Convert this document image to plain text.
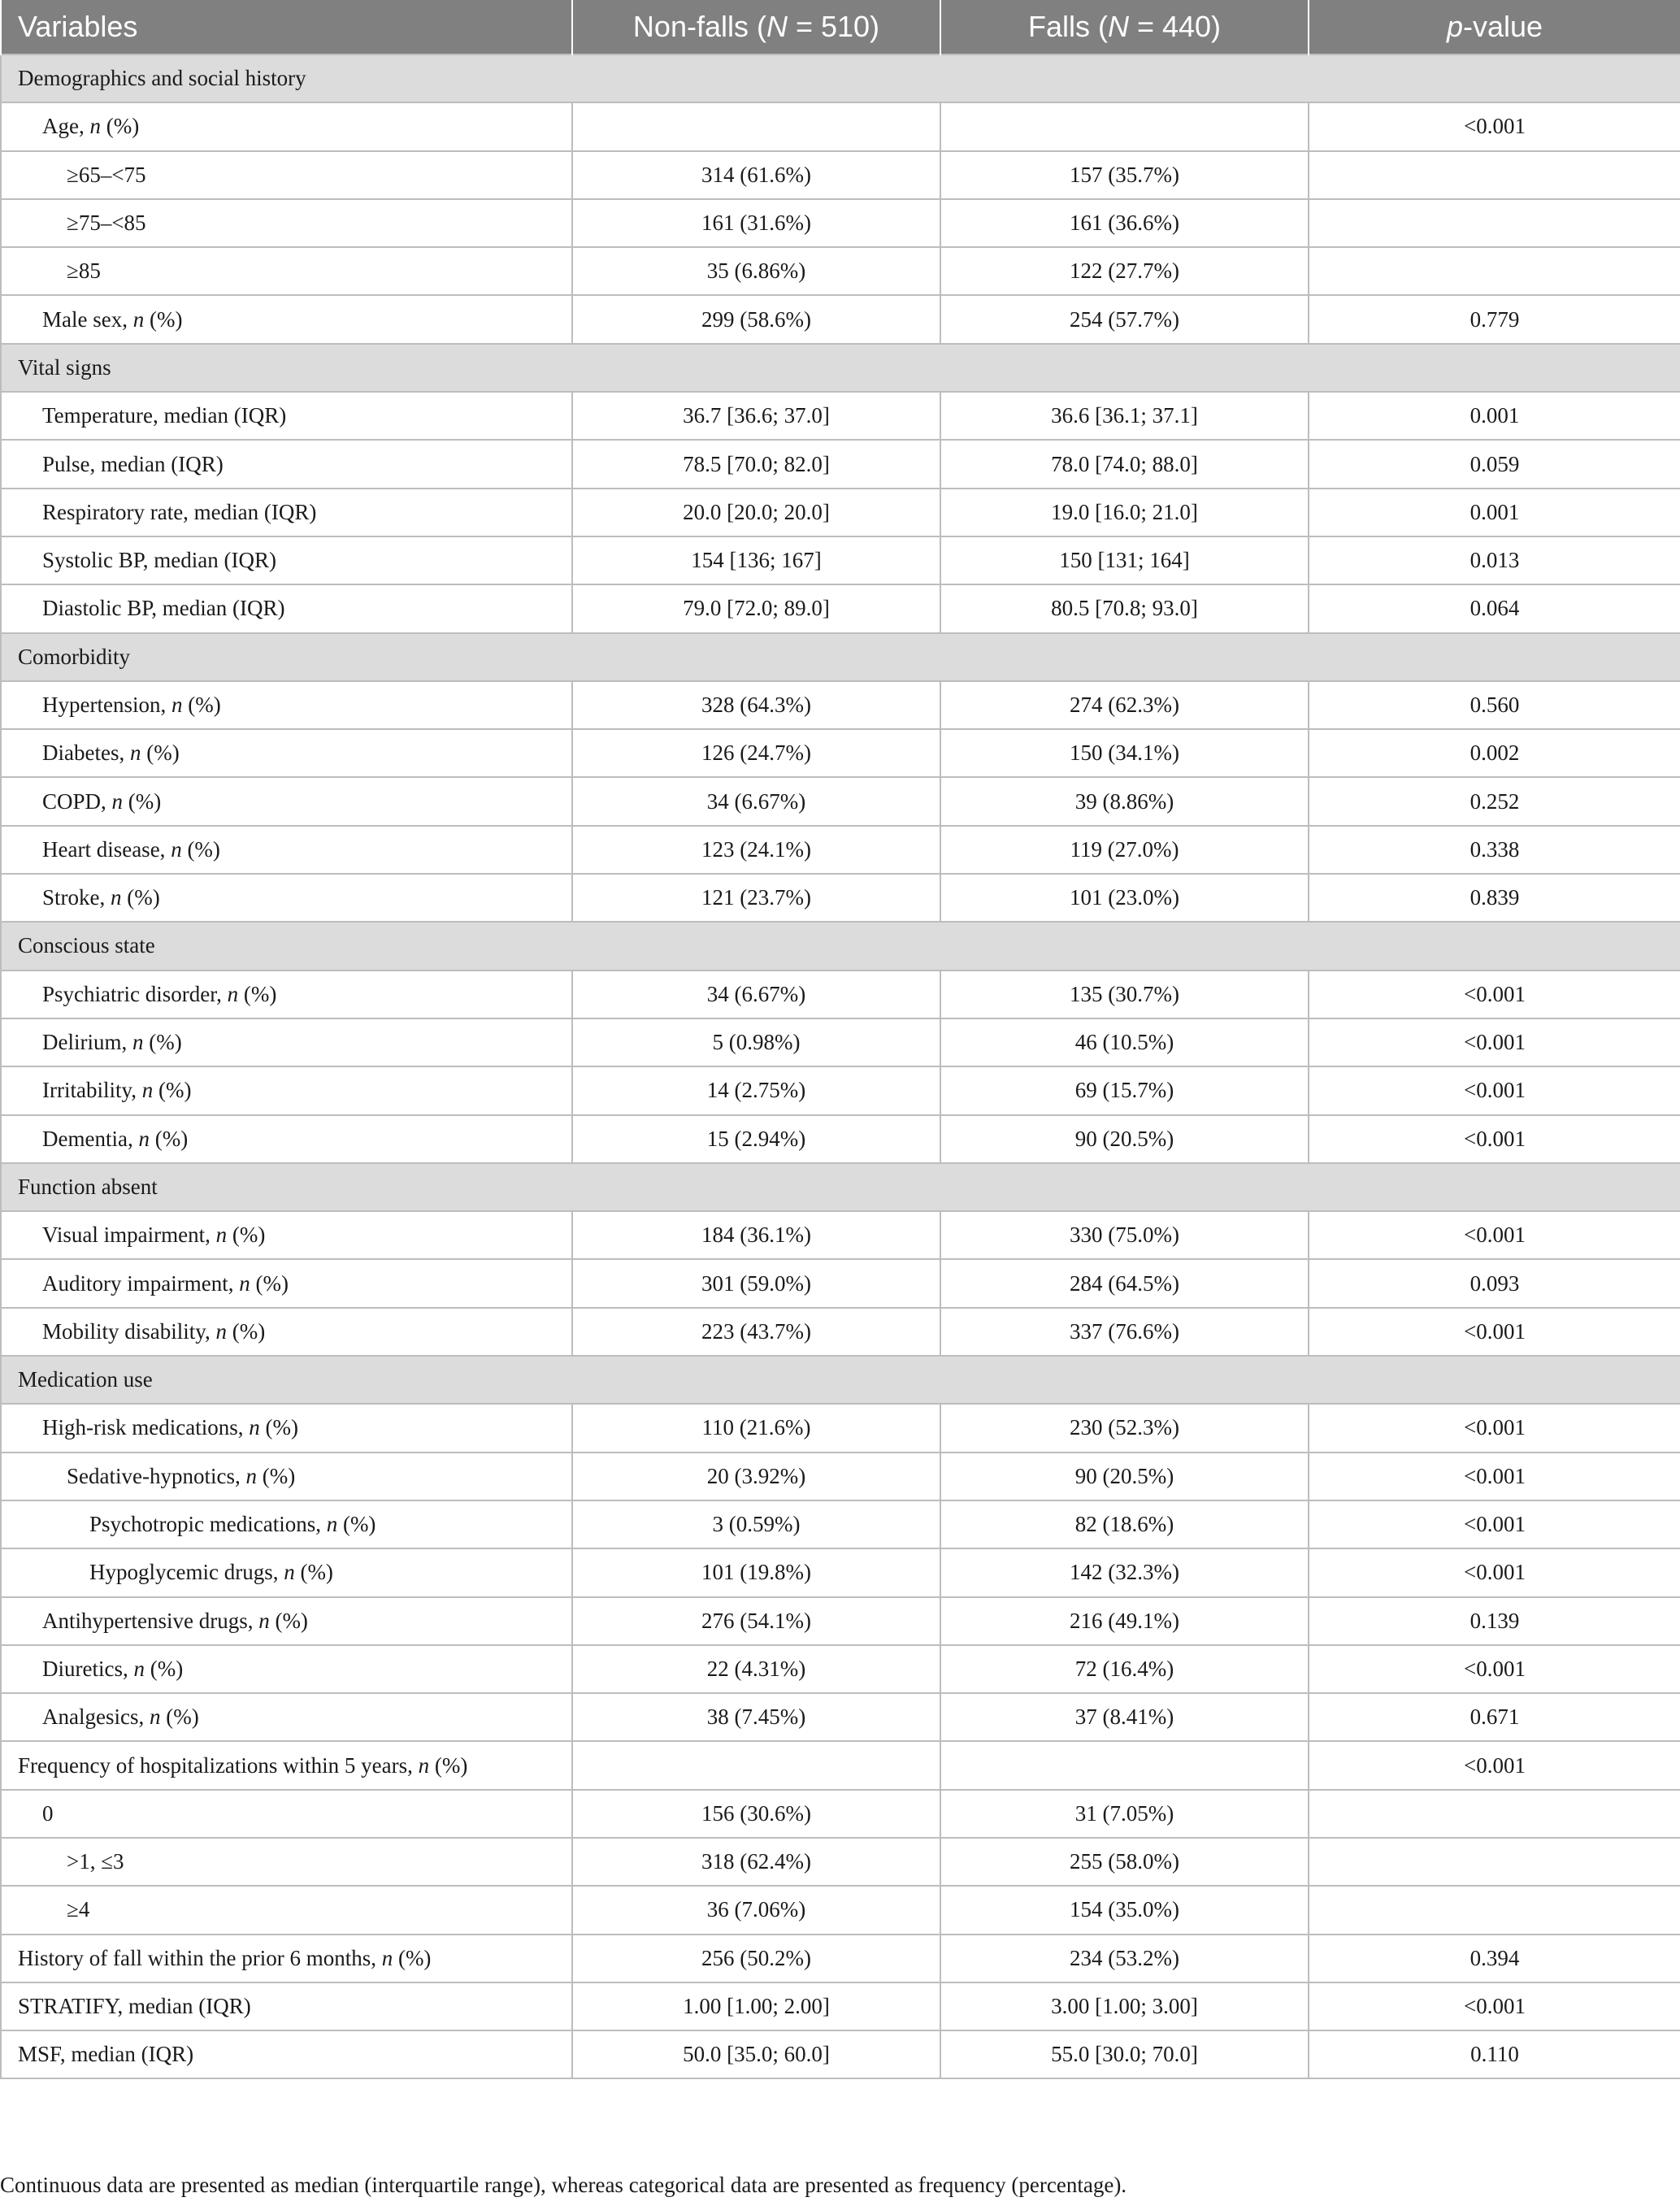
Variables	Non-falls (N = 510)	Falls (N = 440)	p-value
Demographics and social history			
Age, n (%)			<0.001
≥65–<75	314 (61.6%)	157 (35.7%)	
≥75–<85	161 (31.6%)	161 (36.6%)	
≥85	35 (6.86%)	122 (27.7%)	
Male sex, n (%)	299 (58.6%)	254 (57.7%)	0.779
Vital signs			
Temperature, median (IQR)	36.7 [36.6; 37.0]	36.6 [36.1; 37.1]	0.001
Pulse, median (IQR)	78.5 [70.0; 82.0]	78.0 [74.0; 88.0]	0.059
Respiratory rate, median (IQR)	20.0 [20.0; 20.0]	19.0 [16.0; 21.0]	0.001
Systolic BP, median (IQR)	154 [136; 167]	150 [131; 164]	0.013
Diastolic BP, median (IQR)	79.0 [72.0; 89.0]	80.5 [70.8; 93.0]	0.064
Comorbidity			
Hypertension, n (%)	328 (64.3%)	274 (62.3%)	0.560
Diabetes, n (%)	126 (24.7%)	150 (34.1%)	0.002
COPD, n (%)	34 (6.67%)	39 (8.86%)	0.252
Heart disease, n (%)	123 (24.1%)	119 (27.0%)	0.338
Stroke, n (%)	121 (23.7%)	101 (23.0%)	0.839
Conscious state			
Psychiatric disorder, n (%)	34 (6.67%)	135 (30.7%)	<0.001
Delirium, n (%)	5 (0.98%)	46 (10.5%)	<0.001
Irritability, n (%)	14 (2.75%)	69 (15.7%)	<0.001
Dementia, n (%)	15 (2.94%)	90 (20.5%)	<0.001
Function absent			
Visual impairment, n (%)	184 (36.1%)	330 (75.0%)	<0.001
Auditory impairment, n (%)	301 (59.0%)	284 (64.5%)	0.093
Mobility disability, n (%)	223 (43.7%)	337 (76.6%)	<0.001
Medication use			
High-risk medications, n (%)	110 (21.6%)	230 (52.3%)	<0.001
Sedative-hypnotics, n (%)	20 (3.92%)	90 (20.5%)	<0.001
Psychotropic medications, n (%)	3 (0.59%)	82 (18.6%)	<0.001
Hypoglycemic drugs, n (%)	101 (19.8%)	142 (32.3%)	<0.001
Antihypertensive drugs, n (%)	276 (54.1%)	216 (49.1%)	0.139
Diuretics, n (%)	22 (4.31%)	72 (16.4%)	<0.001
Analgesics, n (%)	38 (7.45%)	37 (8.41%)	0.671
Frequency of hospitalizations within 5 years, n (%)			<0.001
0	156 (30.6%)	31 (7.05%)	
>1, ≤3	318 (62.4%)	255 (58.0%)	
≥4	36 (7.06%)	154 (35.0%)	
History of fall within the prior 6 months, n (%)	256 (50.2%)	234 (53.2%)	0.394
STRATIFY, median (IQR)	1.00 [1.00; 2.00]	3.00 [1.00; 3.00]	<0.001
MSF, median (IQR)	50.0 [35.0; 60.0]	55.0 [30.0; 70.0]	0.110
Continuous data are presented as median (interquartile range), whereas categorical data are presented as frequency (percentage).
